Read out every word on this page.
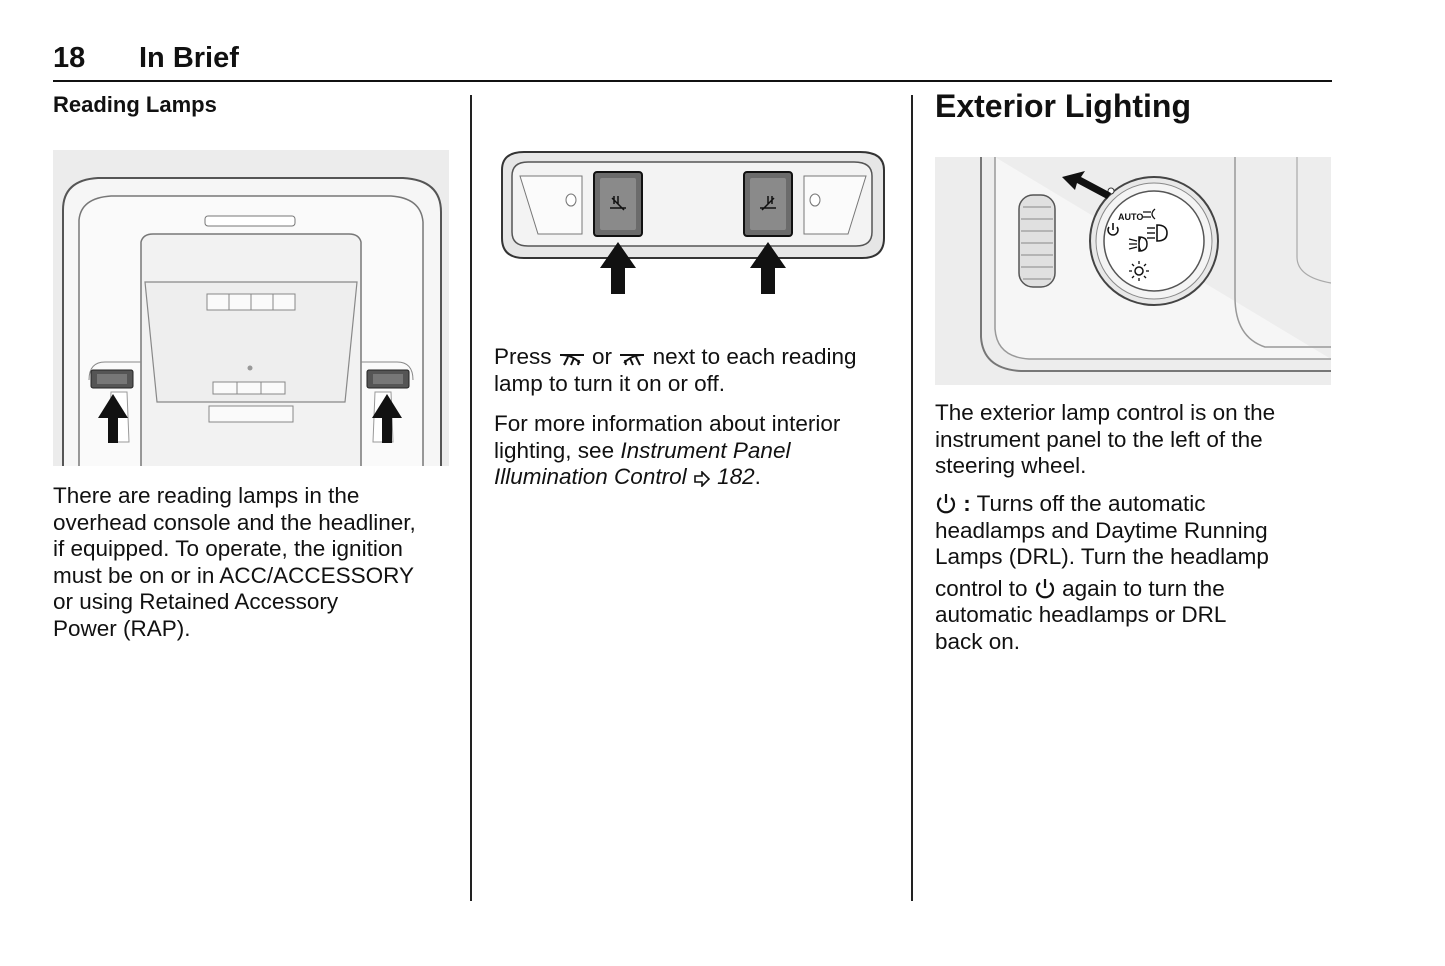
18 In Brief
Reading Lamps
There are reading lamps in the
overhead console and the headliner,
if equipped. To operate, the ignition
must be on or in ACC/ACCESSORY
or using Retained Accessory
Power (RAP).
Press or next to each reading
lamp to turn it on or off.
For more information about interior
lighting, see Instrument Panel
Illumination Control 182.
Exterior Lighting
AUTO
The exterior lamp control is on the
instrument panel to the left of the
steering wheel.
: Turns off the automatic
headlamps and Daytime Running
Lamps (DRL). Turn the headlamp
control to again to turn the
automatic headlamps or DRL
back on.
